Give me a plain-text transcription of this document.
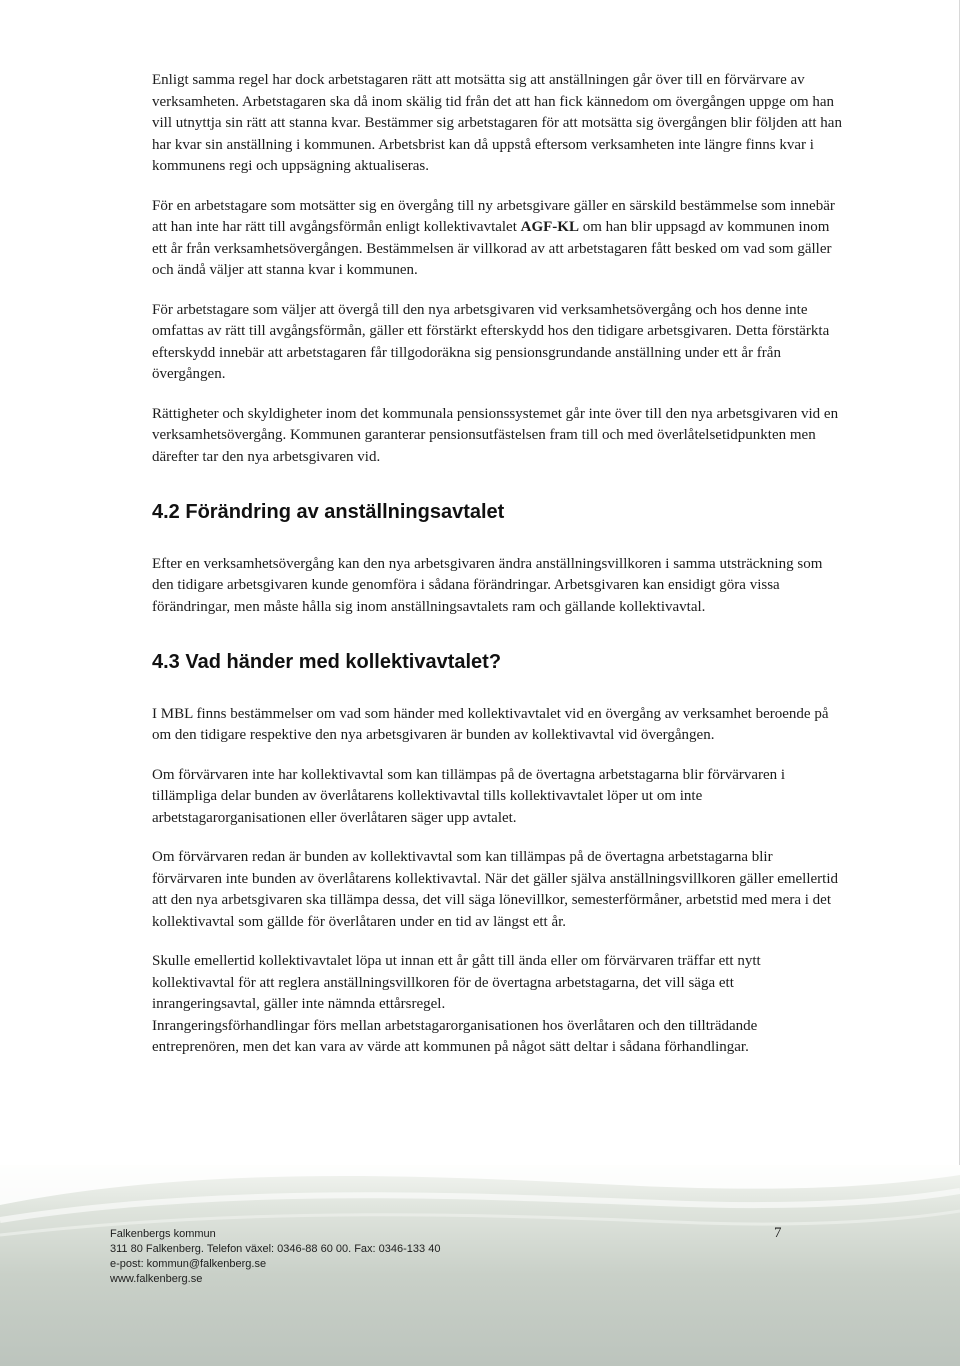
Enligt samma regel har dock arbetstagaren rätt att motsätta sig att anställningen går över till en förvärvare av verksamheten. Arbetstagaren ska då inom skälig tid från det att han fick kännedom om övergången uppge om han vill utnyttja sin rätt att stanna kvar. Bestämmer sig arbetstagaren för att motsätta sig övergången blir följden att han har kvar sin anställning i kommunen. Arbetsbrist kan då uppstå eftersom verksamheten inte längre finns kvar i kommunens regi och uppsägning aktualiseras.

För en arbetstagare som motsätter sig en övergång till ny arbetsgivare gäller en särskild bestämmelse som innebär att han inte har rätt till avgångsförmån enligt kollektivavtalet AGF-KL om han blir uppsagd av kommunen inom ett år från verksamhetsövergången. Bestämmelsen är villkorad av att arbetstagaren fått besked om vad som gäller och ändå väljer att stanna kvar i kommunen.

För arbetstagare som väljer att övergå till den nya arbetsgivaren vid verksamhetsövergång och hos denne inte omfattas av rätt till avgångsförmån, gäller ett förstärkt efterskydd hos den tidigare arbetsgivaren. Detta förstärkta efterskydd innebär att arbetstagaren får tillgodoräkna sig pensionsgrundande anställning under ett år från övergången.

Rättigheter och skyldigheter inom det kommunala pensionssystemet går inte över till den nya arbetsgivaren vid en verksamhetsövergång. Kommunen garanterar pensionsutfästelsen fram till och med överlåtelsetidpunkten men därefter tar den nya arbetsgivaren vid.

4.2 Förändring av anställningsavtalet

Efter en verksamhetsövergång kan den nya arbetsgivaren ändra anställningsvillkoren i samma utsträckning som den tidigare arbetsgivaren kunde genomföra i sådana förändringar. Arbetsgivaren kan ensidigt göra vissa förändringar, men måste hålla sig inom anställningsavtalets ram och gällande kollektivavtal.

4.3 Vad händer med kollektivavtalet?

I MBL finns bestämmelser om vad som händer med kollektivavtalet vid en övergång av verksamhet beroende på om den tidigare respektive den nya arbetsgivaren är bunden av kollektivavtal vid övergången.

Om förvärvaren inte har kollektivavtal som kan tillämpas på de övertagna arbetstagarna blir förvärvaren i tillämpliga delar bunden av överlåtarens kollektivavtal tills kollektivavtalet löper ut om inte arbetstagarorganisationen eller överlåtaren säger upp avtalet.

Om förvärvaren redan är bunden av kollektivavtal som kan tillämpas på de övertagna arbetstagarna blir förvärvaren inte bunden av överlåtarens kollektivavtal. När det gäller själva anställningsvillkoren gäller emellertid att den nya arbetsgivaren ska tillämpa dessa, det vill säga lönevillkor, semesterförmåner, arbetstid med mera i det kollektivavtal som gällde för överlåtaren under en tid av längst ett år.

Skulle emellertid kollektivavtalet löpa ut innan ett år gått till ända eller om förvärvaren träffar ett nytt kollektivavtal för att reglera anställningsvillkoren för de övertagna arbetstagarna, det vill säga ett inrangeringsavtal, gäller inte nämnda ettårsregel.

Inrangeringsförhandlingar förs mellan arbetstagarorganisationen hos överlåtaren och den tillträdande entreprenören, men det kan vara av värde att kommunen på något sätt deltar i sådana förhandlingar.

Falkenbergs kommun
311 80 Falkenberg. Telefon växel: 0346-88 60 00. Fax: 0346-133 40
e-post: kommun@falkenberg.se
www.falkenberg.se
7
